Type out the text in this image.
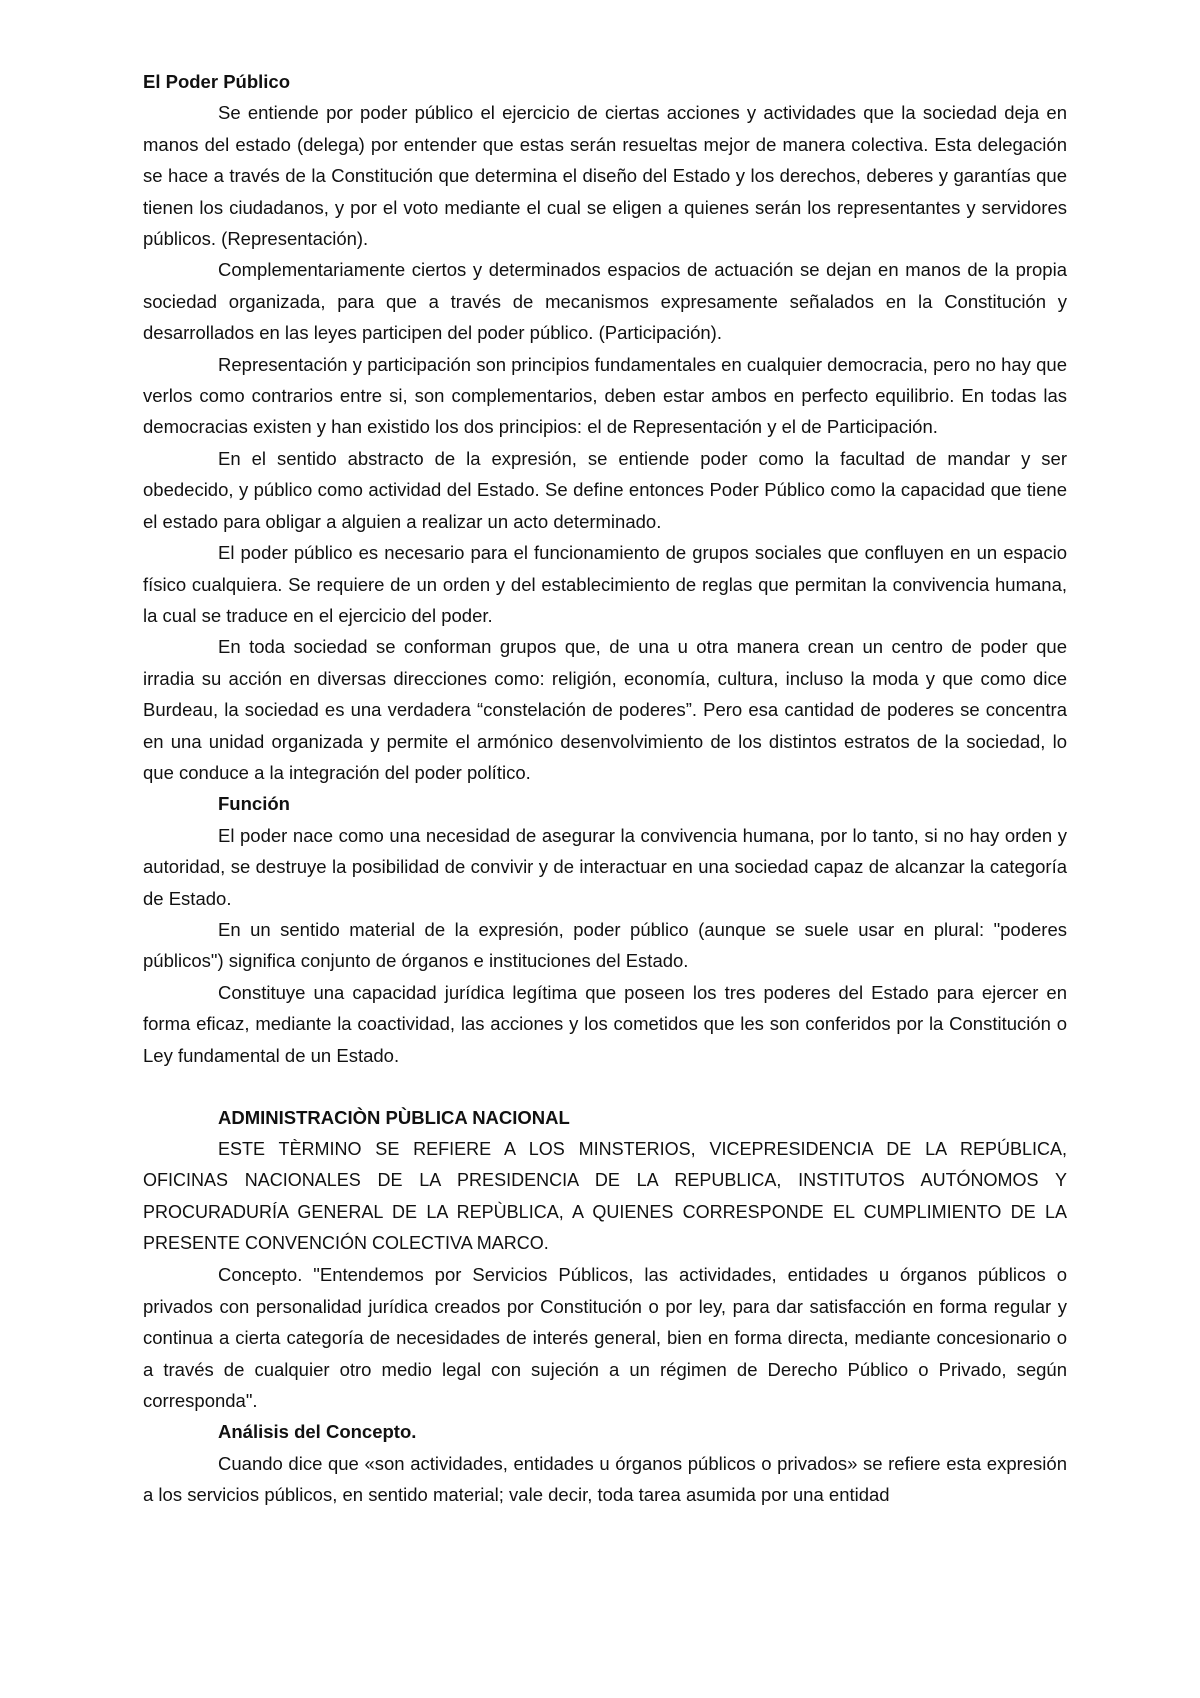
El Poder Público

Se entiende por poder público el ejercicio de ciertas acciones y actividades que la sociedad deja en manos del estado (delega) por entender que estas serán resueltas mejor de manera colectiva. Esta delegación se hace a través de la Constitución que determina el diseño del Estado y los derechos, deberes y garantías que tienen los ciudadanos, y por el voto mediante el cual se eligen a quienes serán los representantes y servidores públicos. (Representación).

Complementariamente ciertos y determinados espacios de actuación se dejan en manos de la propia sociedad organizada, para que a través de mecanismos expresamente señalados en la Constitución y desarrollados en las leyes participen del poder público. (Participación).

Representación y participación son principios fundamentales en cualquier democracia, pero no hay que verlos como contrarios entre si, son complementarios, deben estar ambos en perfecto equilibrio. En todas las democracias existen y han existido los dos principios: el de Representación y el de Participación.

En el sentido abstracto de la expresión, se entiende poder como la facultad de mandar y ser obedecido, y público como actividad del Estado. Se define entonces Poder Público como la capacidad que tiene el estado para obligar a alguien a realizar un acto determinado.

El poder público es necesario para el funcionamiento de grupos sociales que confluyen en un espacio físico cualquiera. Se requiere de un orden y del establecimiento de reglas que permitan la convivencia humana, la cual se traduce en el ejercicio del poder.

En toda sociedad se conforman grupos que, de una u otra manera crean un centro de poder que irradia su acción en diversas direcciones como: religión, economía, cultura, incluso la moda y que como dice Burdeau, la sociedad es una verdadera “constelación de poderes”. Pero esa cantidad de poderes se concentra en una unidad organizada y permite el armónico desenvolvimiento de los distintos estratos de la sociedad, lo que conduce a la integración del poder político.

Función

El poder nace como una necesidad de asegurar la convivencia humana, por lo tanto, si no hay orden y autoridad, se destruye la posibilidad de convivir y de interactuar en una sociedad capaz de alcanzar la categoría de Estado.

En un sentido material de la expresión, poder público (aunque se suele usar en plural: "poderes públicos") significa conjunto de órganos e instituciones del Estado.

Constituye una capacidad jurídica legítima que poseen los tres poderes del Estado para ejercer en forma eficaz, mediante la coactividad, las acciones y los cometidos que les son conferidos por la Constitución o Ley fundamental de un Estado.

ADMINISTRACIÒN PÙBLICA NACIONAL

ESTE TÈRMINO SE REFIERE A LOS MINSTERIOS, VICEPRESIDENCIA DE LA REPÚBLICA, OFICINAS NACIONALES DE LA PRESIDENCIA DE LA REPUBLICA, INSTITUTOS AUTÓNOMOS Y PROCURADURÍA GENERAL DE LA REPÙBLICA, A QUIENES CORRESPONDE EL CUMPLIMIENTO DE LA PRESENTE CONVENCIÓN COLECTIVA MARCO.

Concepto. "Entendemos por Servicios Públicos, las actividades, entidades u órganos públicos o privados con personalidad jurídica creados por Constitución o por ley, para dar satisfacción en forma regular y continua a cierta categoría de necesidades de interés general, bien en forma directa, mediante concesionario o a través de cualquier otro medio legal con sujeción a un régimen de Derecho Público o Privado, según corresponda".

Análisis del Concepto.

Cuando dice que «son actividades, entidades u órganos públicos o privados» se refiere esta expresión a los servicios públicos, en sentido material; vale decir, toda tarea asumida por una entidad
